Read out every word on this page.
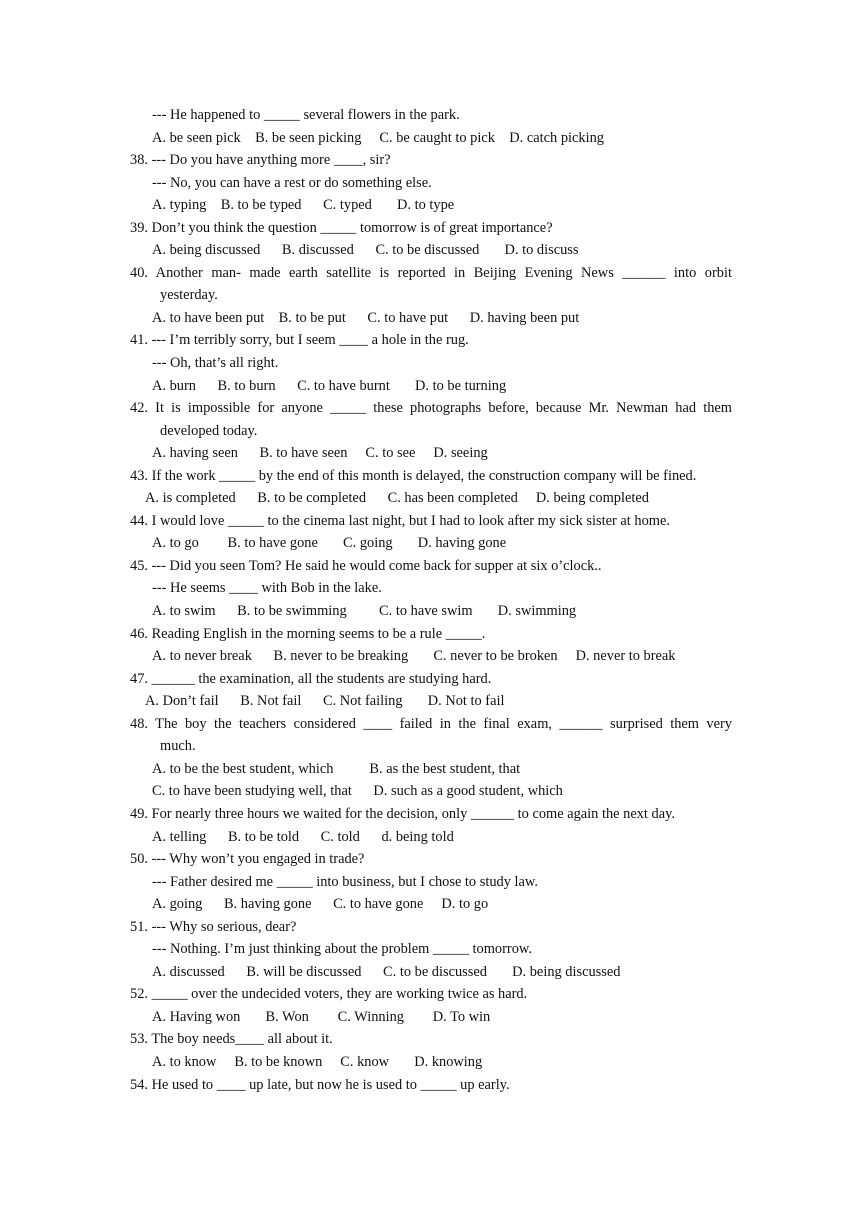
--- He happened to _____ several flowers in the park.
A. be seen pick    B. be seen picking     C. be caught to pick    D. catch picking
38. --- Do you have anything more ____, sir?
--- No, you can have a rest or do something else.
A. typing    B. to be typed      C. typed       D. to type
39. Don’t you think the question _____ tomorrow is of great importance?
A. being discussed      B. discussed      C. to be discussed       D. to discuss
40. Another man- made earth satellite is reported in Beijing Evening News ______ into orbit
yesterday.
A. to have been put    B. to be put      C. to have put      D. having been put
41. --- I’m terribly sorry, but I seem ____ a hole in the rug.
--- Oh, that’s all right.
A. burn      B. to burn      C. to have burnt       D. to be turning
42. It is impossible for anyone _____ these photographs before, because Mr. Newman had them
developed today.
A. having seen      B. to have seen     C. to see     D. seeing
43. If the work _____ by the end of this month is delayed, the construction company will be fined.
A. is completed      B. to be completed      C. has been completed     D. being completed
44. I would love _____ to the cinema last night, but I had to look after my sick sister at home.
A. to go        B. to have gone       C. going       D. having gone
45. --- Did you seen Tom? He said he would come back for supper at six o’clock..
--- He seems ____ with Bob in the lake.
A. to swim      B. to be swimming         C. to have swim       D. swimming
46. Reading English in the morning seems to be a rule _____.
A. to never break      B. never to be breaking       C. never to be broken     D. never to break
47. ______ the examination, all the students are studying hard.
A. Don’t fail      B. Not fail      C. Not failing       D. Not to fail
48. The boy the teachers considered ____ failed in the final exam, ______ surprised them very
much.
A. to be the best student, which          B. as the best student, that
C. to have been studying well, that      D. such as a good student, which
49. For nearly three hours we waited for the decision, only ______ to come again the next day.
A. telling      B. to be told      C. told      d. being told
50. --- Why won’t you engaged in trade?
--- Father desired me _____ into business, but I chose to study law.
A. going      B. having gone      C. to have gone     D. to go
51. --- Why so serious, dear?
--- Nothing. I’m just thinking about the problem _____ tomorrow.
A. discussed      B. will be discussed      C. to be discussed       D. being discussed
52. _____ over the undecided voters, they are working twice as hard.
A. Having won       B. Won        C. Winning        D. To win
53. The boy needs____ all about it.
A. to know     B. to be known     C. know       D. knowing
54. He used to ____ up late, but now he is used to _____ up early.
